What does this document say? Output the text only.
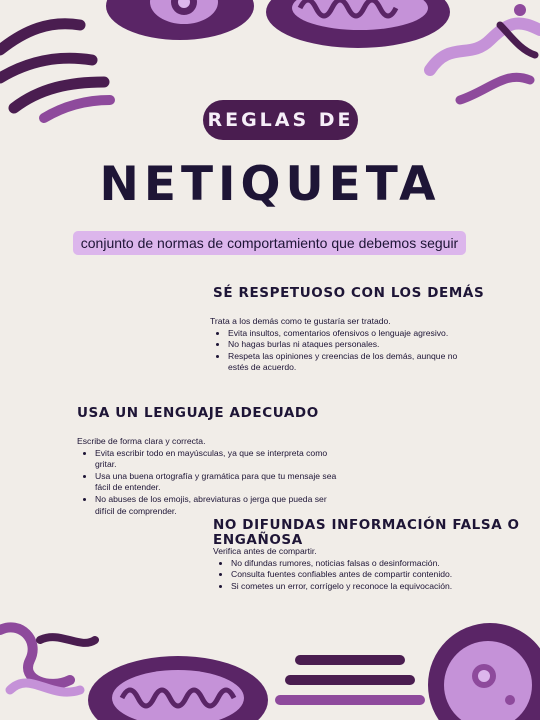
REGLAS DE
NETIQUETA
conjunto de normas de comportamiento que debemos seguir
SÉ RESPETUOSO CON LOS DEMÁS

Trata a los demás como te gustaría ser tratado.

• Evita insultos, comentarios ofensivos o lenguaje agresivo.
• No hagas burlas ni ataques personales.
• Respeta las opiniones y creencias de los demás, aunque no estés de acuerdo.
USA UN LENGUAJE ADECUADO

Escribe de forma clara y correcta.

• Evita escribir todo en mayúsculas, ya que se interpreta como gritar.
• Usa una buena ortografía y gramática para que tu mensaje sea fácil de entender.
• No abuses de los emojis, abreviaturas o jerga que pueda ser difícil de comprender.
NO DIFUNDAS INFORMACIÓN FALSA O ENGAÑOSA

Verifica antes de compartir.

• No difundas rumores, noticias falsas o desinformación.
• Consulta fuentes confiables antes de compartir contenido.
• Si cometes un error, corrígelo y reconoce la equivocación.
